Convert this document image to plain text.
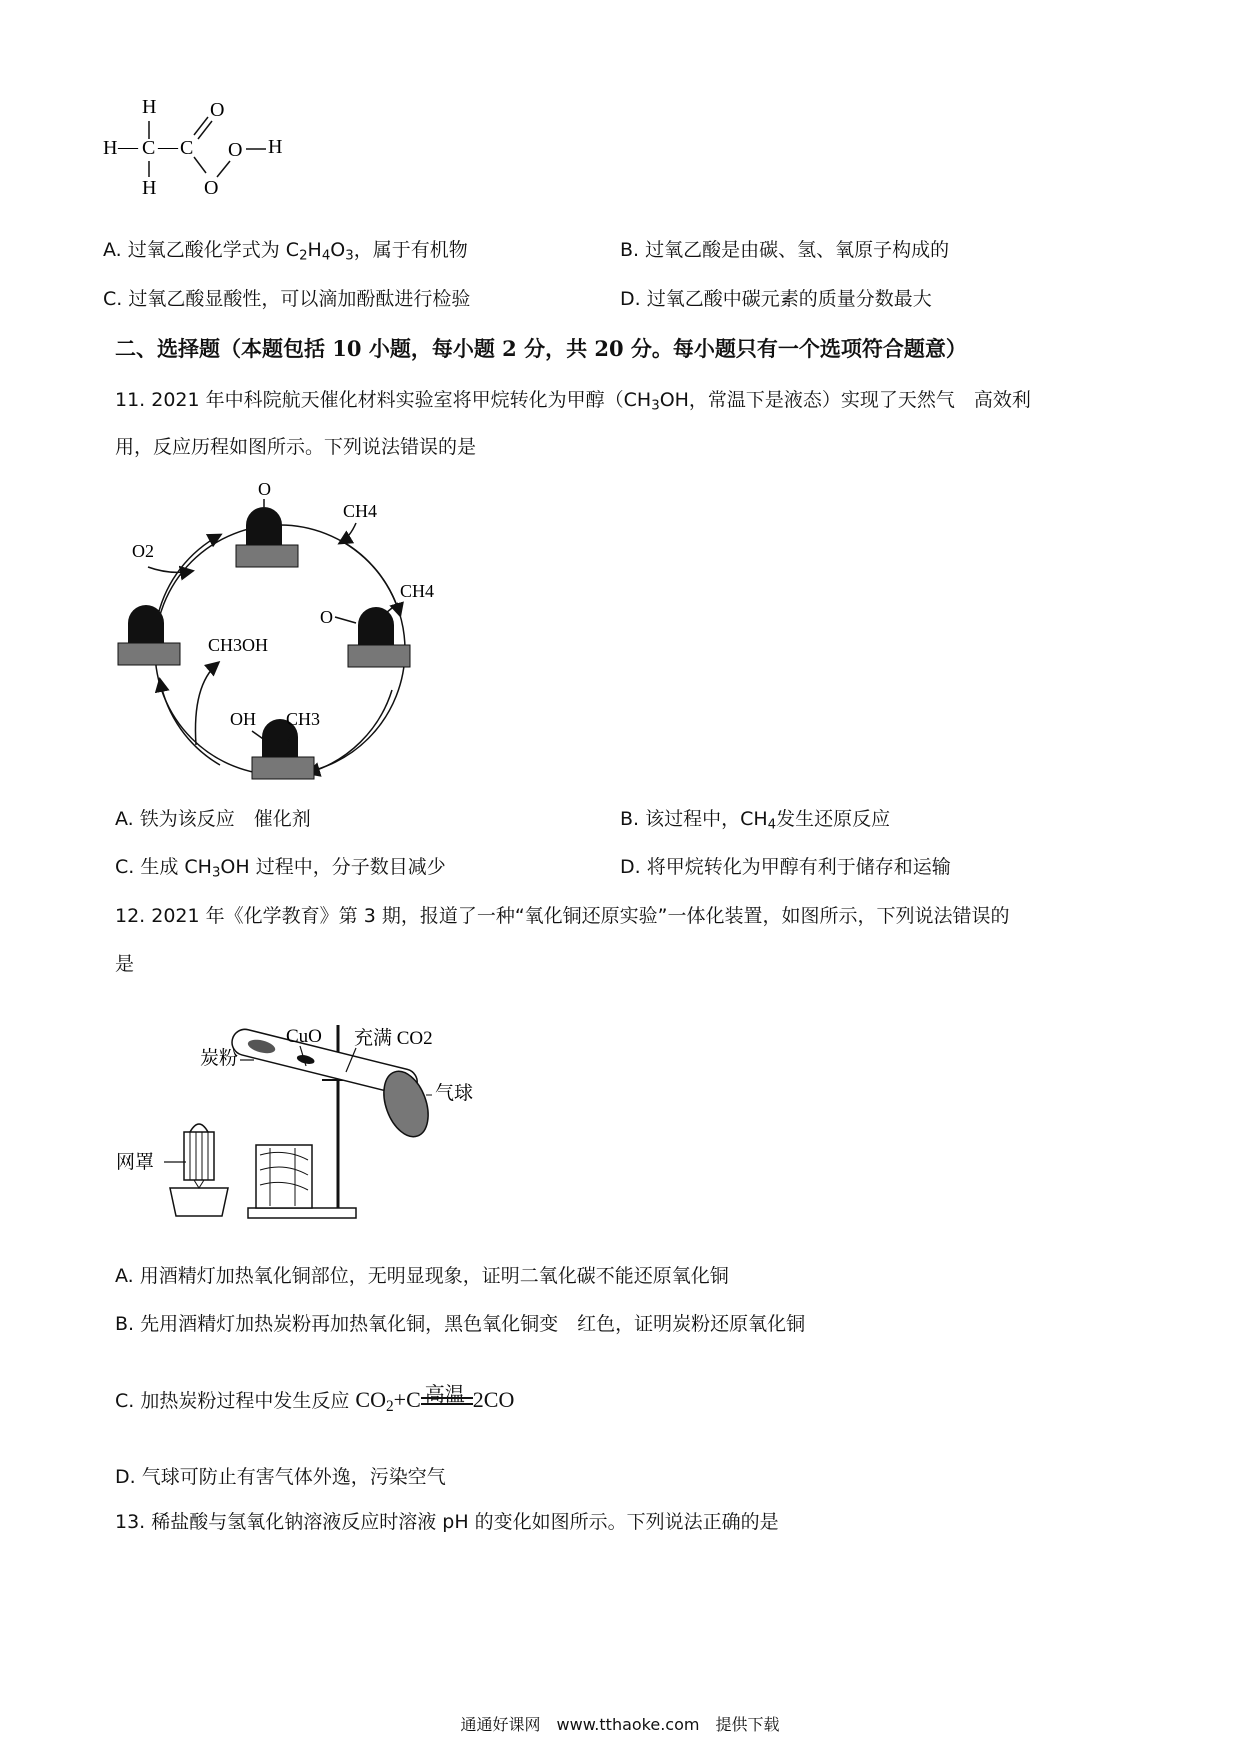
H
H — C — C
H
O
O
O H
A. 过氧乙酸化学式为 $C_2H_4O_3$，属于有机物	B. 过氧乙酸是由碳、氢、氧原子构成的
C. 过氧乙酸显酸性，可以滴加酚酞进行检验	D. 过氧乙酸中碳元素的质量分数最大
二、选择题（本题包括 10 小题，每小题 2 分，共 20 分。每小题只有一个选项符合题意）
11. 2021 年中科院航天催化材料实验室将甲烷转化为甲醇（$CH_3OH$，常温下是液态）实现了天然气　高效利
用，反应历程如图所示。下列说法错误的是
O
O
CH4
OH CH3
O2
CH4
CH3OH
A. 铁为该反应　催化剂	B. 该过程中，$CH_4$发生还原反应
C. 生成 $CH_3OH$ 过程中，分子数目减少	D. 将甲烷转化为甲醇有利于储存和运输
12. 2021 年《化学教育》第 3 期，报道了一种“氧化铜还原实验”一体化装置，如图所示，下列说法错误的
是
CuO 充满 CO2
炭粉
气球
网罩
A. 用酒精灯加热氧化铜部位，无明显现象，证明二氧化碳不能还原氧化铜
B. 先用酒精灯加热炭粉再加热氧化铜，黑色氧化铜变　红色，证明炭粉还原氧化铜
C. 加热炭粉过程中发生反应 $CO_2+C$ 高温 2CO
D. 气球可防止有害气体外逸，污染空气
13. 稀盐酸与氢氧化钠溶液反应时溶液 pH 的变化如图所示。下列说法正确的是
通通好课网　www.tthaoke.com　提供下载
